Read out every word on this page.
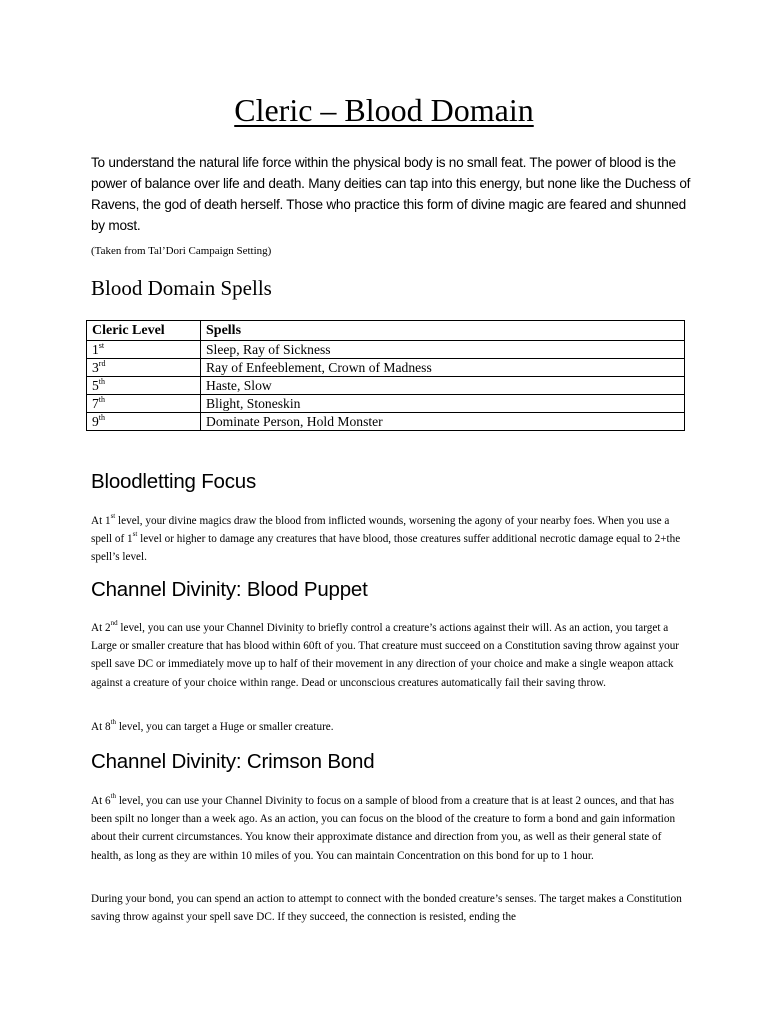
Cleric – Blood Domain
To understand the natural life force within the physical body is no small feat. The power of blood is the power of balance over life and death. Many deities can tap into this energy, but none like the Duchess of Ravens, the god of death herself. Those who practice this form of divine magic are feared and shunned by most.
(Taken from Tal’Dori Campaign Setting)
Blood Domain Spells
Cleric Level	Spells
1st	Sleep, Ray of Sickness
3rd	Ray of Enfeeblement, Crown of Madness
5th	Haste, Slow
7th	Blight, Stoneskin
9th	Dominate Person, Hold Monster
Bloodletting Focus
At 1st level, your divine magics draw the blood from inflicted wounds, worsening the agony of your nearby foes. When you use a spell of 1st level or higher to damage any creatures that have blood, those creatures suffer additional necrotic damage equal to 2+the spell’s level.
Channel Divinity: Blood Puppet
At 2nd level, you can use your Channel Divinity to briefly control a creature’s actions against their will. As an action, you target a Large or smaller creature that has blood within 60ft of you. That creature must succeed on a Constitution saving throw against your spell save DC or immediately move up to half of their movement in any direction of your choice and make a single weapon attack against a creature of your choice within range. Dead or unconscious creatures automatically fail their saving throw.
At 8th level, you can target a Huge or smaller creature.
Channel Divinity: Crimson Bond
At 6th level, you can use your Channel Divinity to focus on a sample of blood from a creature that is at least 2 ounces, and that has been spilt no longer than a week ago. As an action, you can focus on the blood of the creature to form a bond and gain information about their current circumstances. You know their approximate distance and direction from you, as well as their general state of health, as long as they are within 10 miles of you. You can maintain Concentration on this bond for up to 1 hour.
During your bond, you can spend an action to attempt to connect with the bonded creature’s senses. The target makes a Constitution saving throw against your spell save DC. If they succeed, the connection is resisted, ending the
